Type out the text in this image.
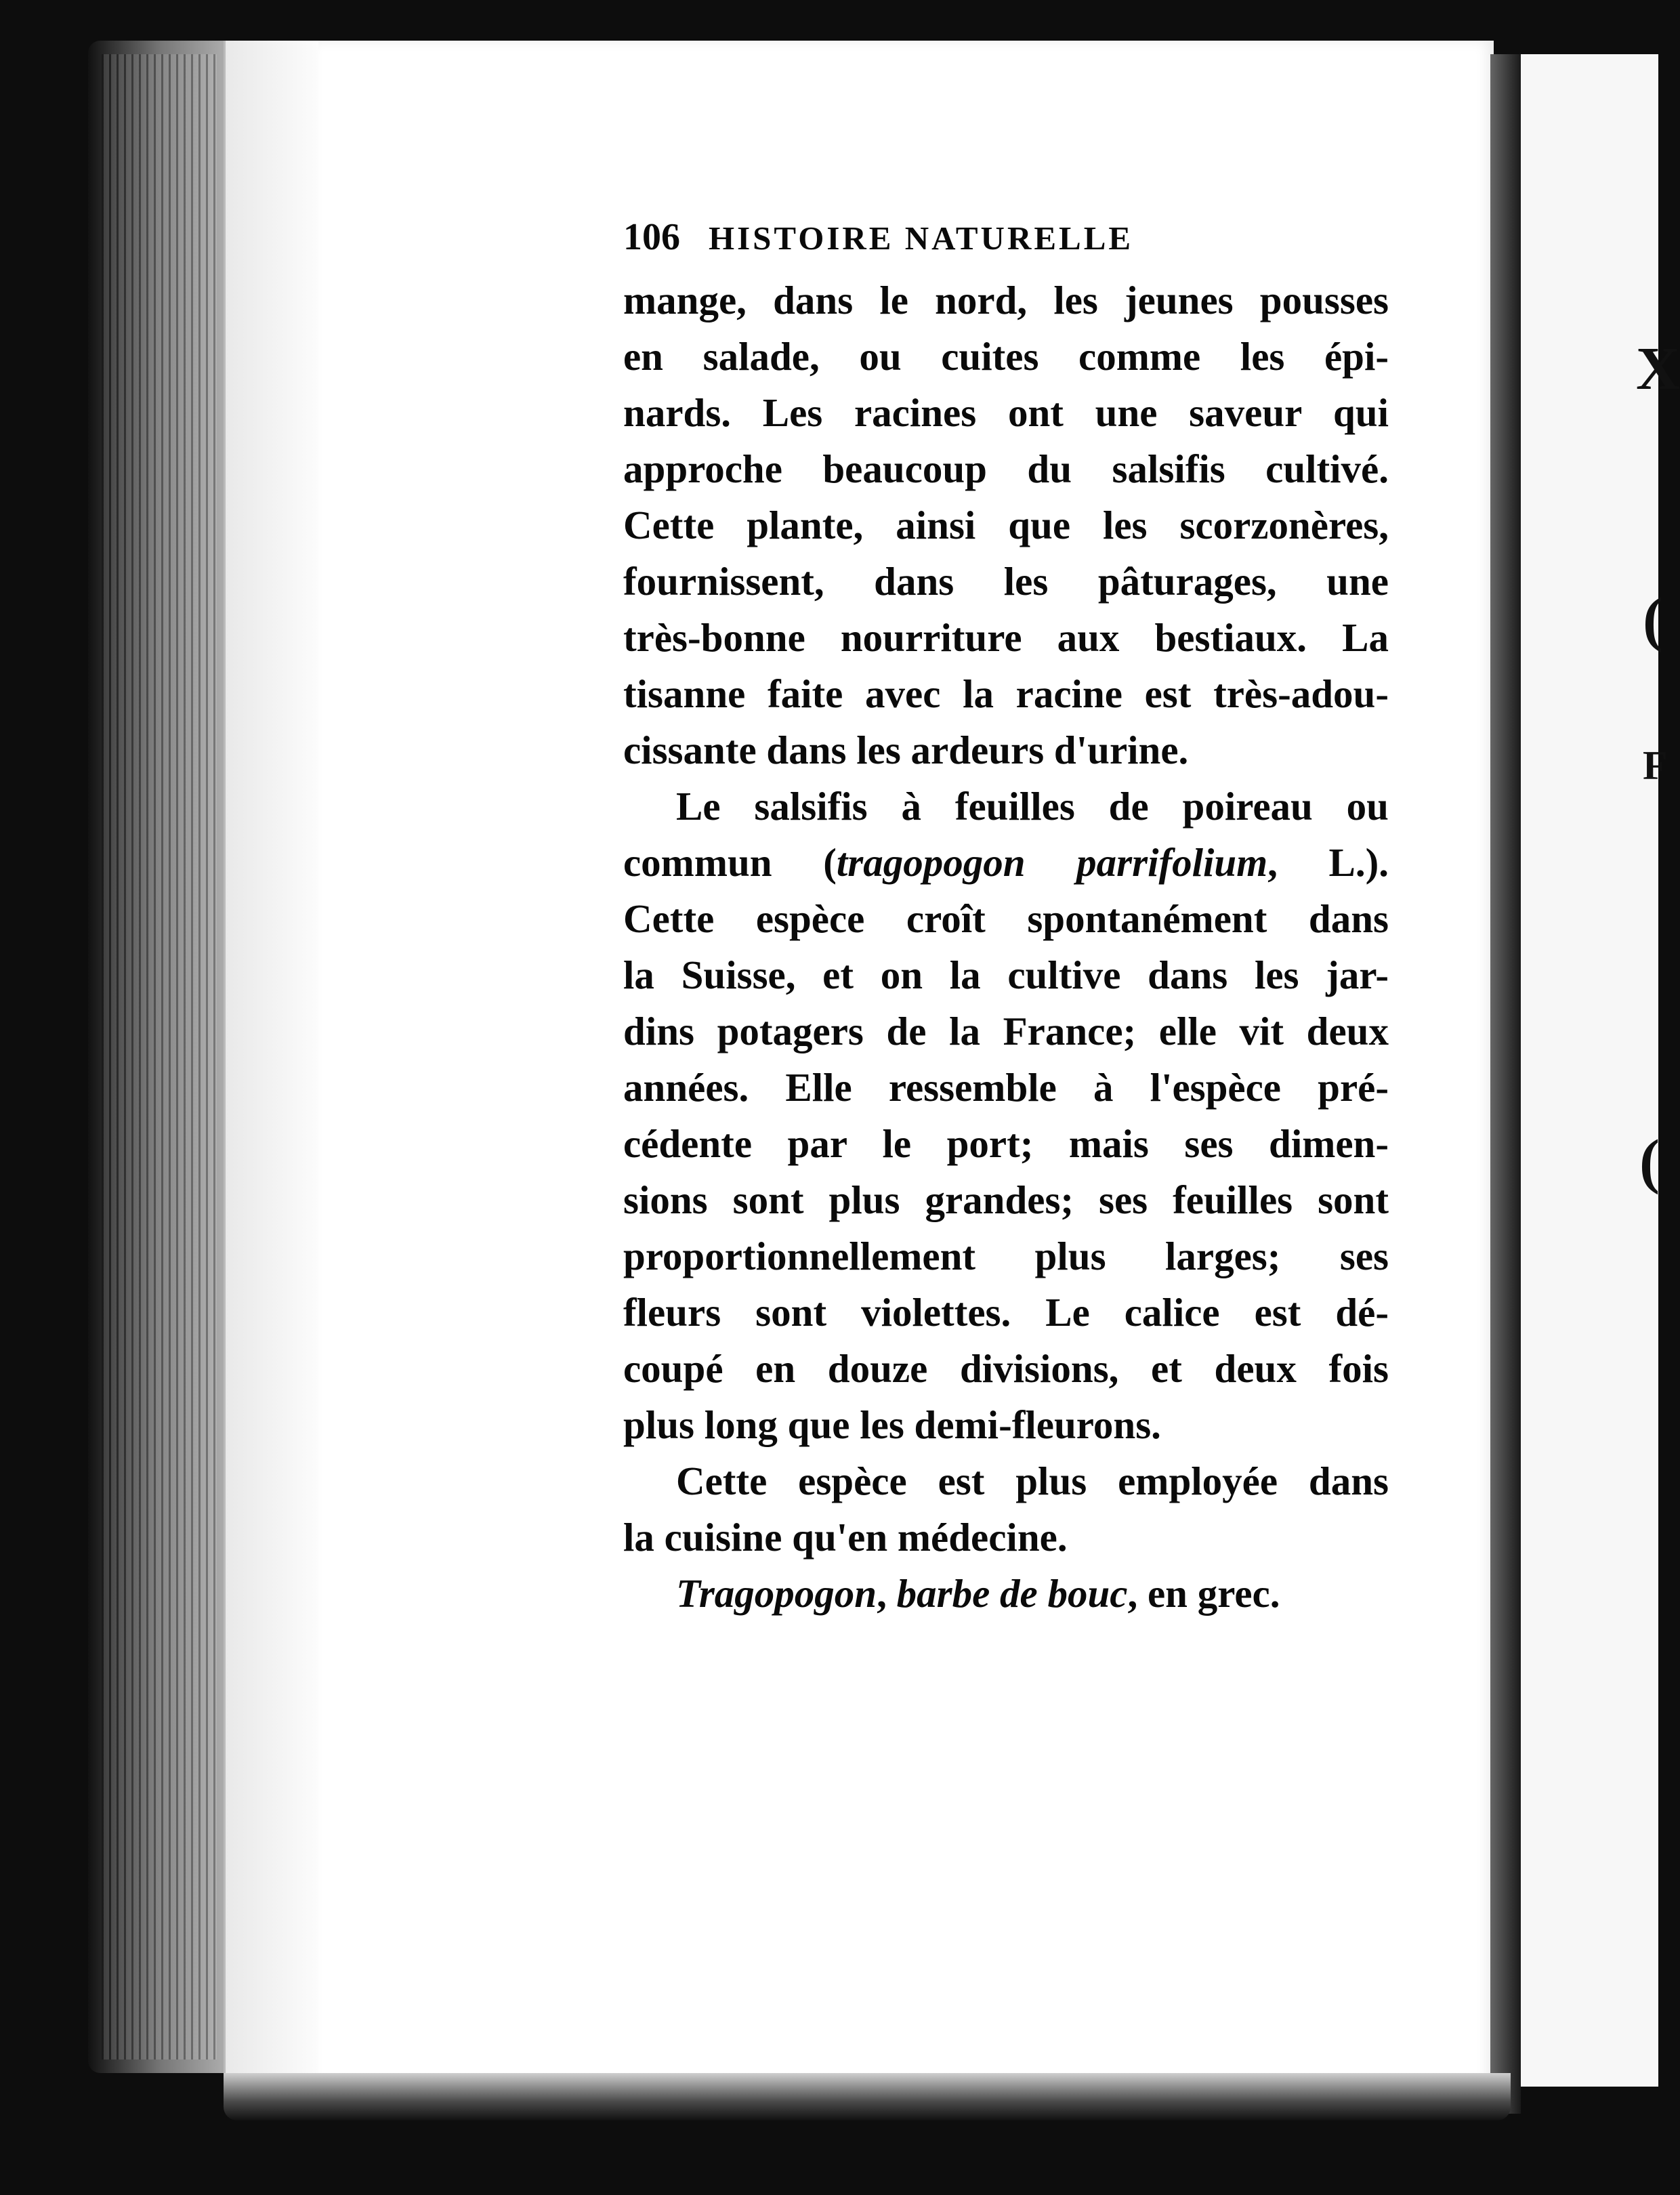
X
(
F
(
106 HISTOIRE NATURELLE
mange, dans le nord, les jeunes pousses
en salade, ou cuites comme les épi-
nards. Les racines ont une saveur qui
approche beaucoup du salsifis cultivé.
Cette plante, ainsi que les scorzonères,
fournissent, dans les pâturages, une
très-bonne nourriture aux bestiaux. La
tisanne faite avec la racine est très-adou-
cissante dans les ardeurs d'urine.
Le salsifis à feuilles de poireau ou
commun (tragopogon parrifolium, L.).
Cette espèce croît spontanément dans
la Suisse, et on la cultive dans les jar-
dins potagers de la France; elle vit deux
années. Elle ressemble à l'espèce pré-
cédente par le port; mais ses dimen-
sions sont plus grandes; ses feuilles sont
proportionnellement plus larges; ses
fleurs sont violettes. Le calice est dé-
coupé en douze divisions, et deux fois
plus long que les demi-fleurons.
Cette espèce est plus employée dans
la cuisine qu'en médecine.
Tragopogon, barbe de bouc, en grec.
